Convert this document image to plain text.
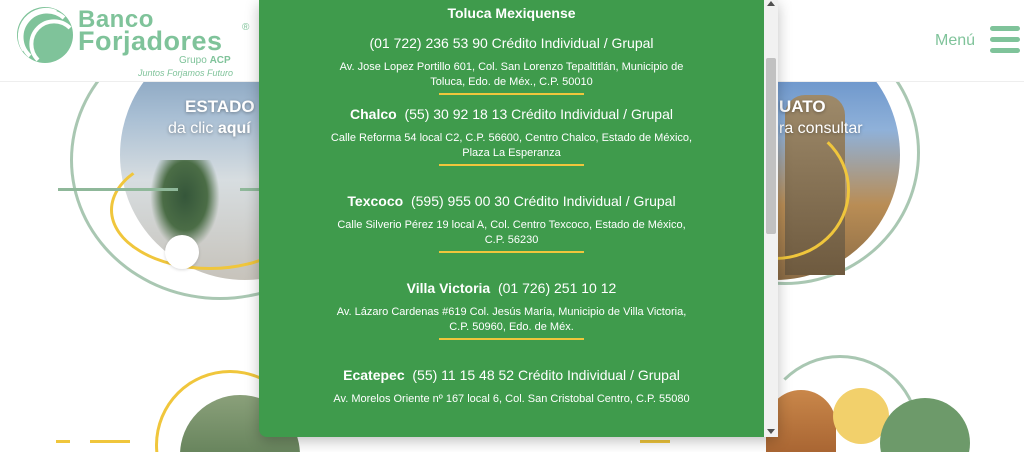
ESTADO
da clic aquí
UATO
ra consultar
Banco
Forjadores ®
Grupo ACP
Juntos Forjamos Futuro
Menú
Toluca Mexiquense
(01 722) 236 53 90 Crédito Individual / Grupal
Av. Jose Lopez Portillo 601, Col. San Lorenzo Tepaltitlán, Municipio de Toluca, Edo. de Méx., C.P. 50010
Chalco (55) 30 92 18 13 Crédito Individual / Grupal
Calle Reforma 54 local C2, C.P. 56600, Centro Chalco, Estado de México, Plaza La Esperanza
Texcoco (595) 955 00 30 Crédito Individual / Grupal
Calle Silverio Pérez 19 local A, Col. Centro Texcoco, Estado de México, C.P. 56230
Villa Victoria (01 726) 251 10 12
Av. Lázaro Cardenas #619 Col. Jesús María, Municipio de Villa Victoria, C.P. 50960, Edo. de Méx.
Ecatepec (55) 11 15 48 52 Crédito Individual / Grupal
Av. Morelos Oriente nº 167 local 6, Col. San Cristobal Centro, C.P. 55080
